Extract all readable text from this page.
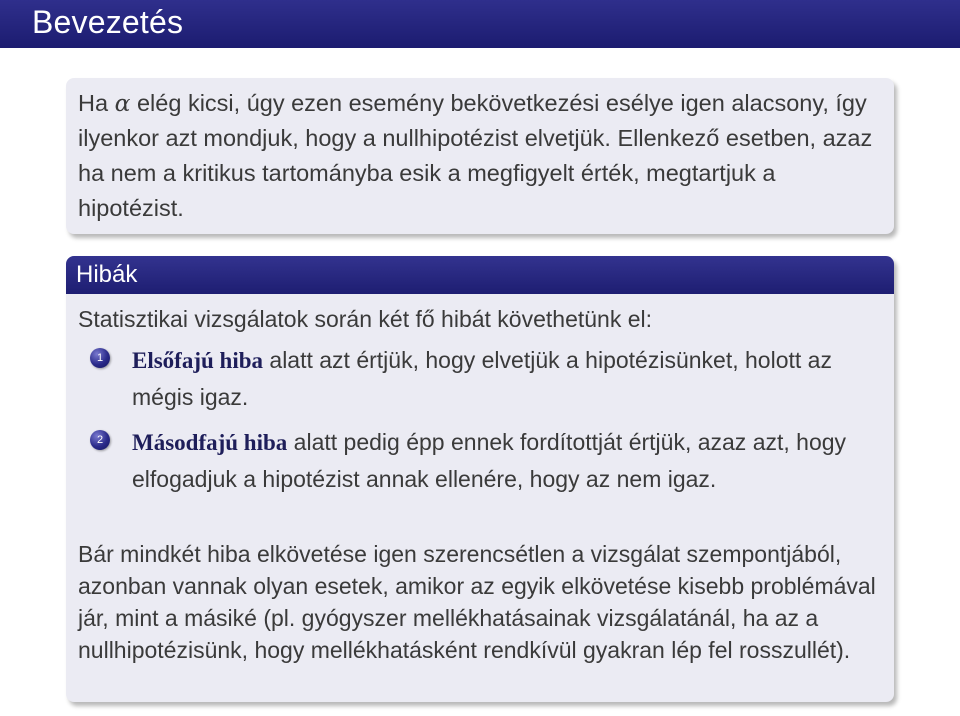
Bevezetés
Ha α elég kicsi, úgy ezen esemény bekövetkezési esélye igen alacsony, így ilyenkor azt mondjuk, hogy a nullhipotézist elvetjük. Ellenkező esetben, azaz ha nem a kritikus tartományba esik a megfigyelt érték, megtartjuk a hipotézist.
Hibák
Statisztikai vizsgálatok során két fő hibát követhetünk el:
1	Elsőfajú hiba alatt azt értjük, hogy elvetjük a hipotézisünket, holott az mégis igaz.
2	Másodfajú hiba alatt pedig épp ennek fordítottját értjük, azaz azt, hogy elfogadjuk a hipotézist annak ellenére, hogy az nem igaz.
Bár mindkét hiba elkövetése igen szerencsétlen a vizsgálat szempontjából, azonban vannak olyan esetek, amikor az egyik elkövetése kisebb problémával jár, mint a másiké (pl. gyógyszer mellékhatásainak vizsgálatánál, ha az a nullhipotézisünk, hogy mellékhatásként rendkívül gyakran lép fel rosszullét).
